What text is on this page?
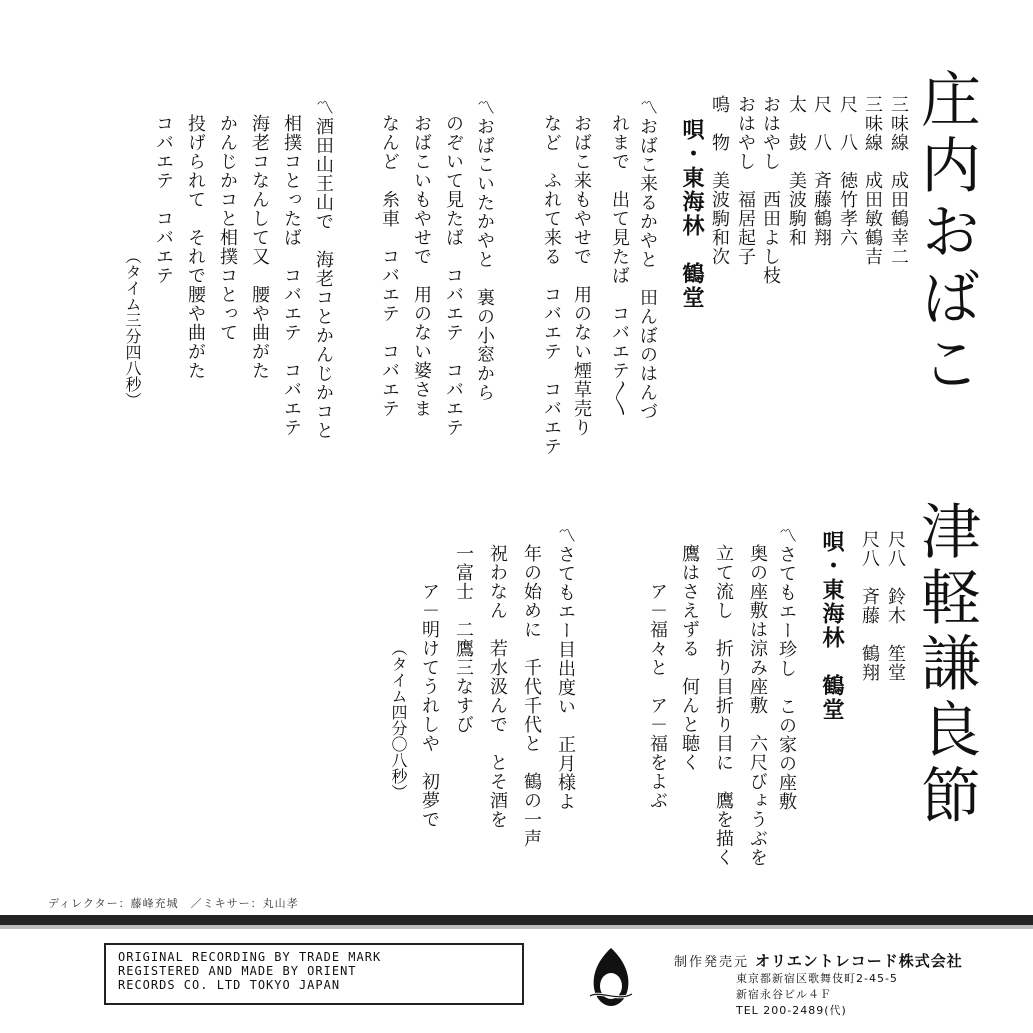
庄内おばこ
三味線　成田鶴幸二
三味線　成田敏鶴吉
尺　八　徳竹孝六
尺　八　斉藤鶴翔
太　鼓　美波駒和
おはやし　西田よし枝
おはやし　福居起子
鳴　物　美波駒和次
唄・東海林　鶴堂
〽おばこ来るかやと　田んぼのはんづ
れまで　出て見たば　コバエテ〱
おばこ来もやせで　用のない煙草売り
など　ふれて来る　コバエテ　コバエテ
〽おばこいたかやと　裏の小窓から
のぞいて見たば　コバエテ　コバエテ
おばこいもやせで　用のない婆さま
なんど　糸車　コバエテ　コバエテ
〽酒田山王山で　海老コとかんじかコと
相撲コとったば　コバエテ　コバエテ
海老コなんして又　腰や曲がた
かんじかコと相撲コとって
投げられて　それで腰や曲がた
コバエテ　コバエテ
（タイム三分四八秒）
津軽謙良節
尺八　鈴木　笙堂
尺八　斉藤　鶴翔
唄・東海林　鶴堂
〽さてもエー珍し　この家の座敷
奥の座敷は涼み座敷　六尺びょうぶを
立て流し　折り目折り目に　鷹を描く
鷹はさえずる　何んと聴く
ア－福々と　ア－福をよぶ
〽さてもエー目出度い　正月様よ
年の始めに　千代千代と　鶴の一声
祝わなん　若水汲んで　とそ酒を
一富士　二鷹三なすび
ア－明けてうれしや　初夢で
（タイム四分〇八秒）
ディレクター：藤峰充城　／ミキサー：丸山孝
ORIGINAL RECORDING BY TRADE MARK
REGISTERED AND MADE BY ORIENT
RECORDS CO. LTD TOKYO JAPAN
制作発売元 オリエントレコード株式会社
東京都新宿区歌舞伎町2-45-5
新宿永谷ビル４Ｆ
TEL 200-2489(代)
